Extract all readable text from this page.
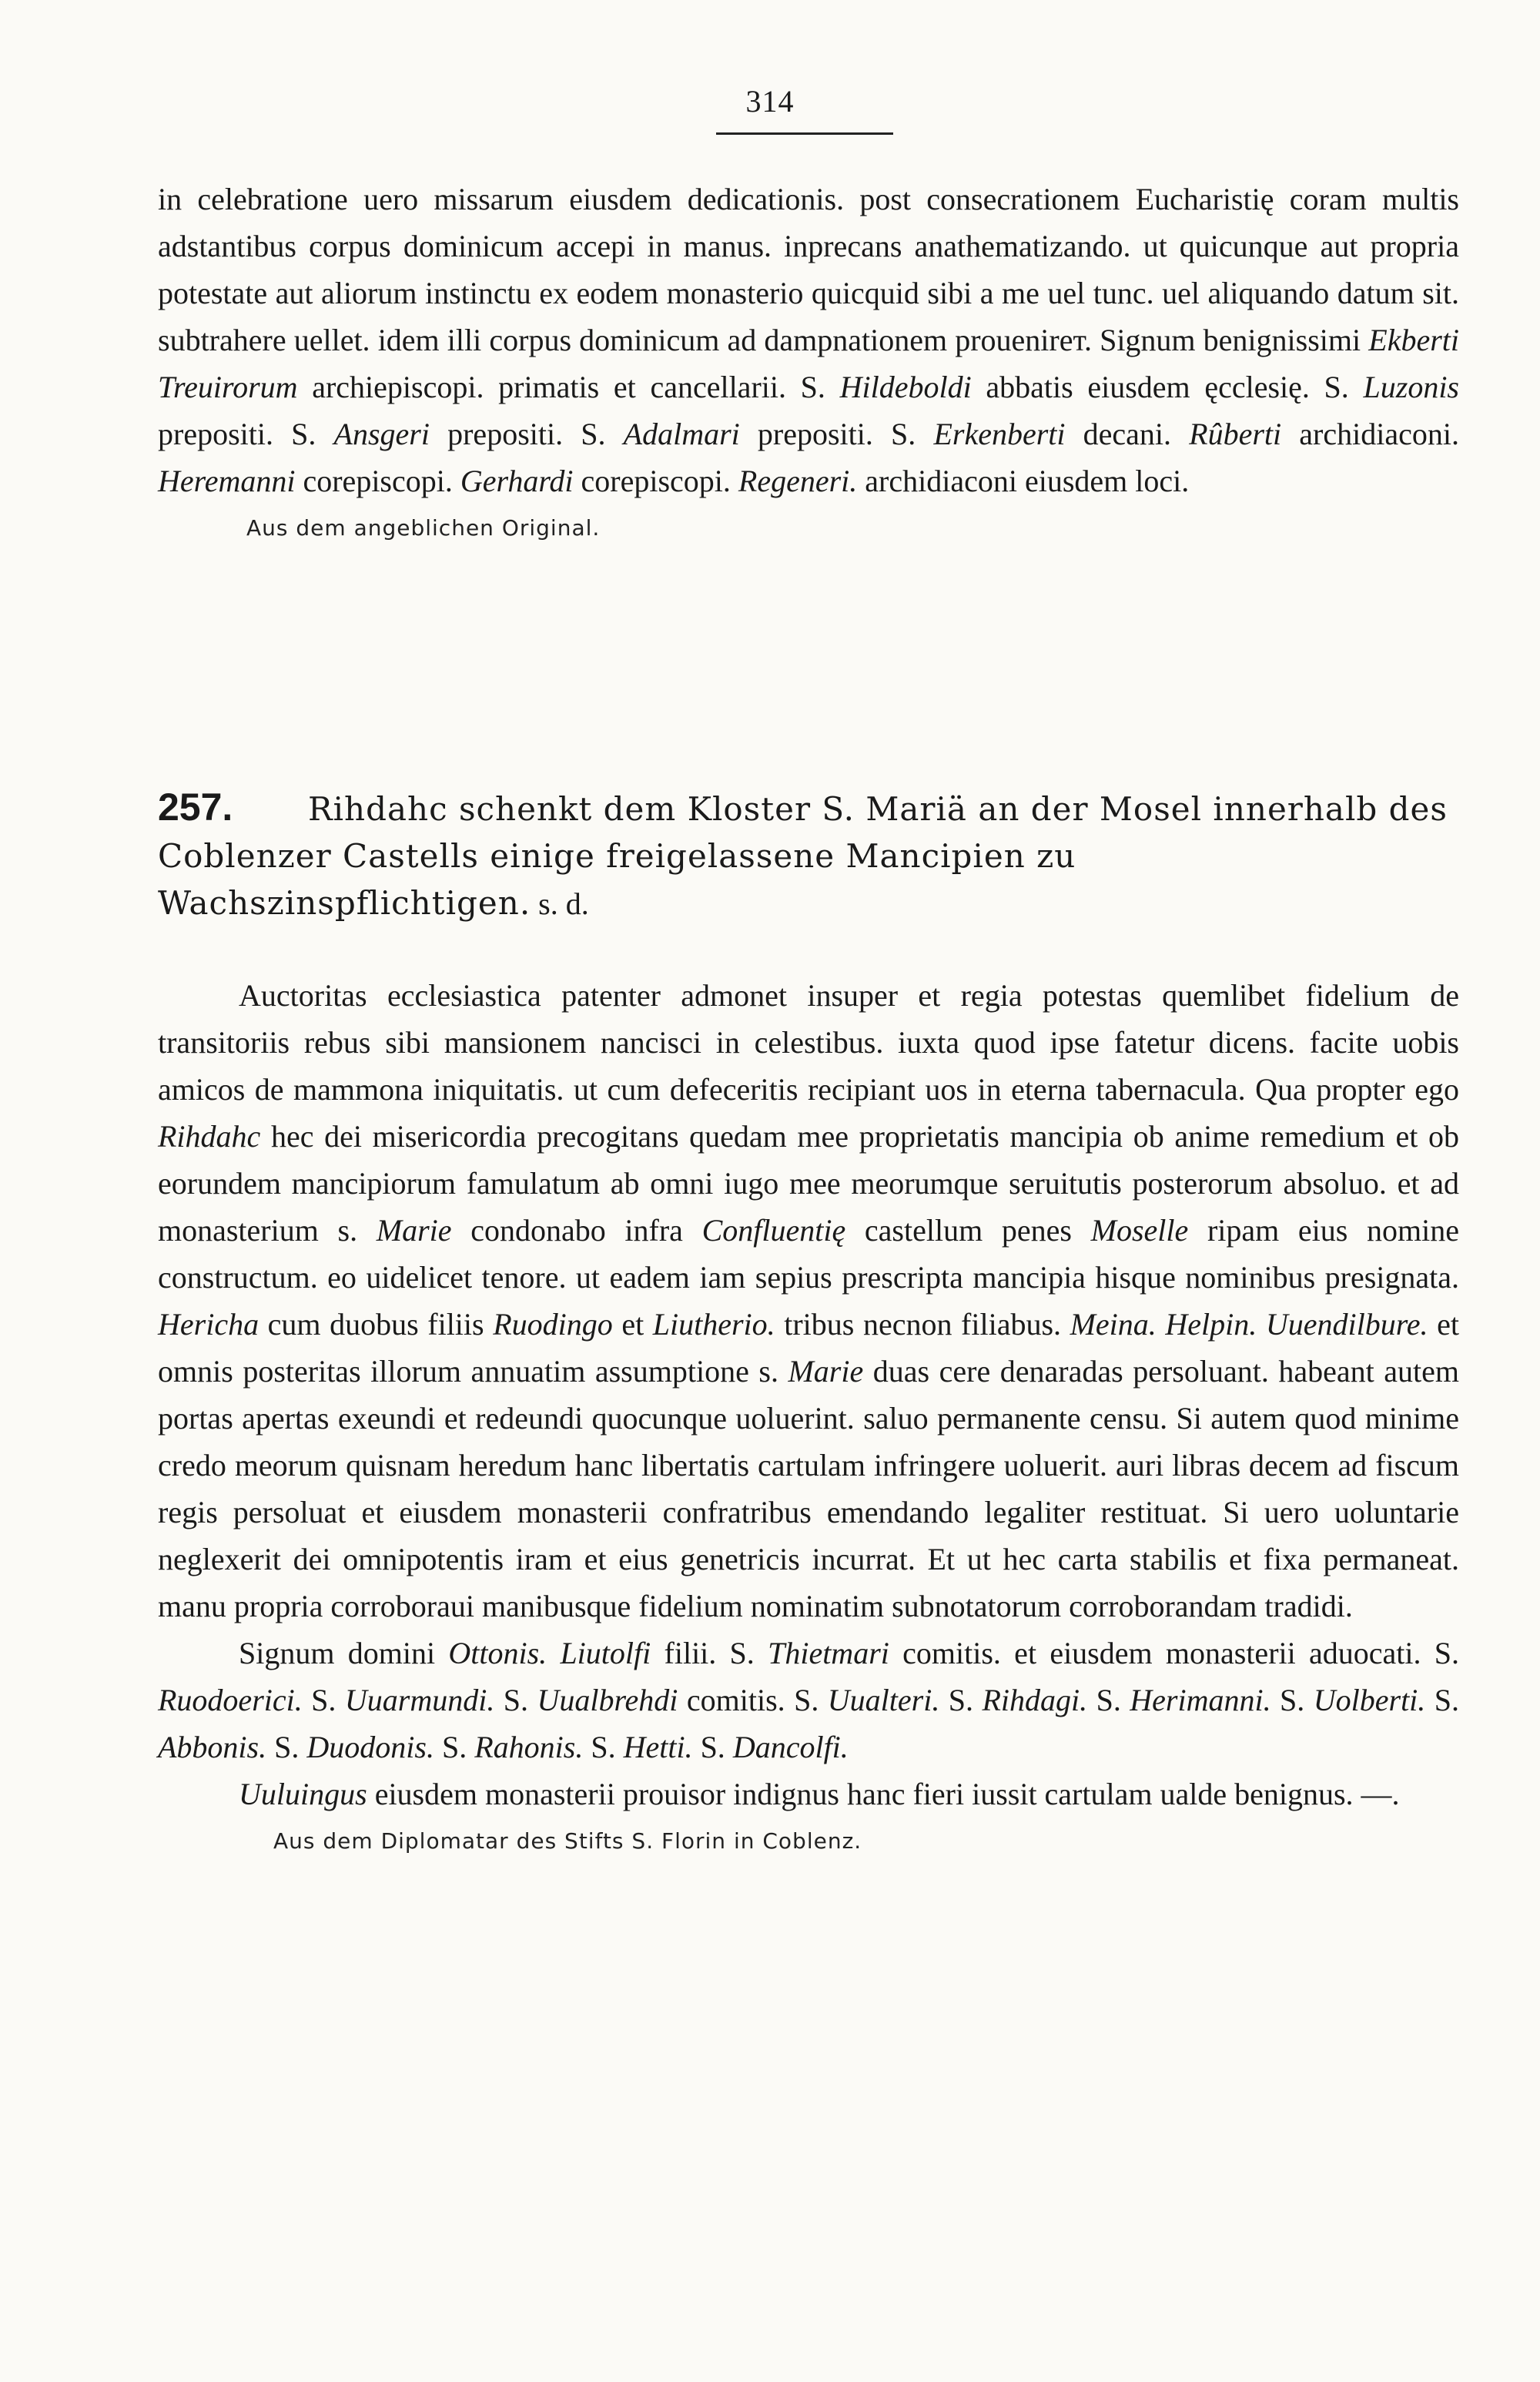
314

in celebratione uero missarum eiusdem dedicationis. post consecrationem Eucharistię coram multis adstantibus corpus dominicum accepi in manus. inprecans anathematizando. ut quicunque aut propria potestate aut aliorum instinctu ex eodem monasterio quicquid sibi a me uel tunc. uel aliquando datum sit. subtrahere uellet. idem illi corpus dominicum ad dampnationem prouenirет. Signum benignissimi Ekberti Treuirorum archiepiscopi. primatis et cancellarii. S. Hildeboldi abbatis eiusdem ęcclesię. S. Luzonis prepositi. S. Ansgeri prepositi. S. Adalmari prepositi. S. Erkenberti decani. Rûberti archidiaconi. Heremanni corepiscopi. Gerhardi corepiscopi. Regeneri. archidiaconi eiusdem loci.

Aus dem angeblichen Original.
257. Rihdahc schenkt dem Kloster S. Mariä an der Mosel innerhalb des Coblenzer Castells einige freigelassene Mancipien zu Wachszinspflichtigen. s. d.

Auctoritas ecclesiastica patenter admonet insuper et regia potestas quemlibet fidelium de transitoriis rebus sibi mansionem nancisci in celestibus. iuxta quod ipse fatetur dicens. facite uobis amicos de mammona iniquitatis. ut cum defeceritis recipiant uos in eterna tabernacula. Qua propter ego Rihdahc hec dei misericordia precogitans quedam mee proprietatis mancipia ob anime remedium et ob eorundem mancipiorum famulatum ab omni iugo mee meorumque seruitutis posterorum absoluo. et ad monasterium s. Marie condonabo infra Confluentię castellum penes Moselle ripam eius nomine constructum. eo uidelicet tenore. ut eadem iam sepius prescripta mancipia hisque nominibus presignata. Hericha cum duobus filiis Ruodingo et Liutherio. tribus necnon filiabus. Meina. Helpin. Uuendilbure. et omnis posteritas illorum annuatim assumptione s. Marie duas cere denaradas persoluant. habeant autem portas apertas exeundi et redeundi quocunque uoluerint. saluo permanente censu. Si autem quod minime credo meorum quisnam heredum hanc libertatis cartulam infringere uoluerit. auri libras decem ad fiscum regis persoluat et eiusdem monasterii confratribus emendando legaliter restituat. Si uero uoluntarie neglexerit dei omnipotentis iram et eius genetricis incurrat. Et ut hec carta stabilis et fixa permaneat. manu propria corroboraui manibusque fidelium nominatim subnotatorum corroborandam tradidi.

Signum domini Ottonis. Liutolfi filii. S. Thietmari comitis. et eiusdem monasterii aduocati. S. Ruodoerici. S. Uuarmundi. S. Uualbrehdi comitis. S. Uualteri. S. Rihdagi. S. Herimanni. S. Uolberti. S. Abbonis. S. Duodonis. S. Rahonis. S. Hetti. S. Dancolfi.

Uuluingus eiusdem monasterii prouisor indignus hanc fieri iussit cartulam ualde benignus. —.

Aus dem Diplomatar des Stifts S. Florin in Coblenz.
